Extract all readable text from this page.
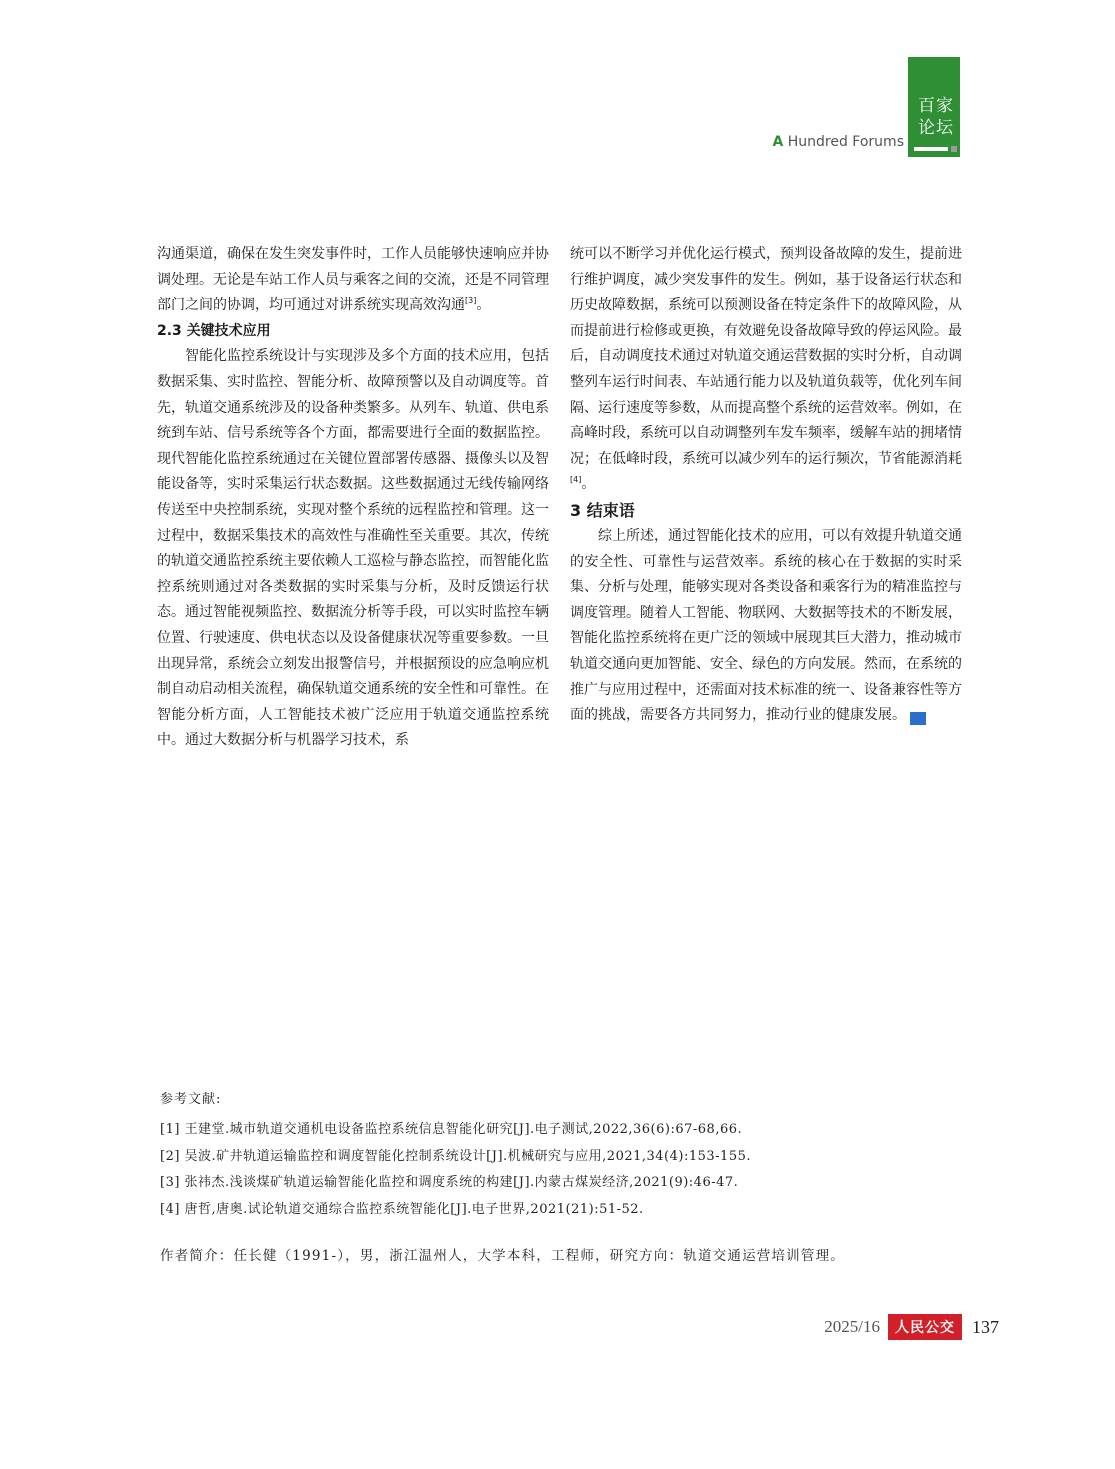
百家
论坛
A Hundred Forums

沟通渠道，确保在发生突发事件时，工作人员能够快速响应并协调处理。无论是车站工作人员与乘客之间的交流，还是不同管理部门之间的协调，均可通过对讲系统实现高效沟通[3]。

2.3 关键技术应用

智能化监控系统设计与实现涉及多个方面的技术应用，包括数据采集、实时监控、智能分析、故障预警以及自动调度等。首先，轨道交通系统涉及的设备种类繁多。从列车、轨道、供电系统到车站、信号系统等各个方面，都需要进行全面的数据监控。现代智能化监控系统通过在关键位置部署传感器、摄像头以及智能设备等，实时采集运行状态数据。这些数据通过无线传输网络传送至中央控制系统，实现对整个系统的远程监控和管理。这一过程中，数据采集技术的高效性与准确性至关重要。其次，传统的轨道交通监控系统主要依赖人工巡检与静态监控，而智能化监控系统则通过对各类数据的实时采集与分析，及时反馈运行状态。通过智能视频监控、数据流分析等手段，可以实时监控车辆位置、行驶速度、供电状态以及设备健康状况等重要参数。一旦出现异常，系统会立刻发出报警信号，并根据预设的应急响应机制自动启动相关流程，确保轨道交通系统的安全性和可靠性。在智能分析方面，人工智能技术被广泛应用于轨道交通监控系统中。通过大数据分析与机器学习技术，系

统可以不断学习并优化运行模式，预判设备故障的发生，提前进行维护调度，减少突发事件的发生。例如，基于设备运行状态和历史故障数据，系统可以预测设备在特定条件下的故障风险，从而提前进行检修或更换，有效避免设备故障导致的停运风险。最后，自动调度技术通过对轨道交通运营数据的实时分析，自动调整列车运行时间表、车站通行能力以及轨道负载等，优化列车间隔、运行速度等参数，从而提高整个系统的运营效率。例如，在高峰时段，系统可以自动调整列车发车频率，缓解车站的拥堵情况；在低峰时段，系统可以减少列车的运行频次，节省能源消耗[4]。

3 结束语

综上所述，通过智能化技术的应用，可以有效提升轨道交通的安全性、可靠性与运营效率。系统的核心在于数据的实时采集、分析与处理，能够实现对各类设备和乘客行为的精准监控与调度管理。随着人工智能、物联网、大数据等技术的不断发展，智能化监控系统将在更广泛的领域中展现其巨大潜力，推动城市轨道交通向更加智能、安全、绿色的方向发展。然而，在系统的推广与应用过程中，还需面对技术标准的统一、设备兼容性等方面的挑战，需要各方共同努力，推动行业的健康发展。	▮◀

参考文献:

[1] 王建堂.城市轨道交通机电设备监控系统信息智能化研究[J].电子测试,2022,36(6):67-68,66.

[2] 吴波.矿井轨道运输监控和调度智能化控制系统设计[J].机械研究与应用,2021,34(4):153-155.

[3] 张祎杰.浅谈煤矿轨道运输智能化监控和调度系统的构建[J].内蒙古煤炭经济,2021(9):46-47.

[4] 唐哲,唐奥.试论轨道交通综合监控系统智能化[J].电子世界,2021(21):51-52.

作者简介：任长健（1991-），男，浙江温州人，大学本科，工程师，研究方向：轨道交通运营培训管理。
2025/16	人民公交 137
